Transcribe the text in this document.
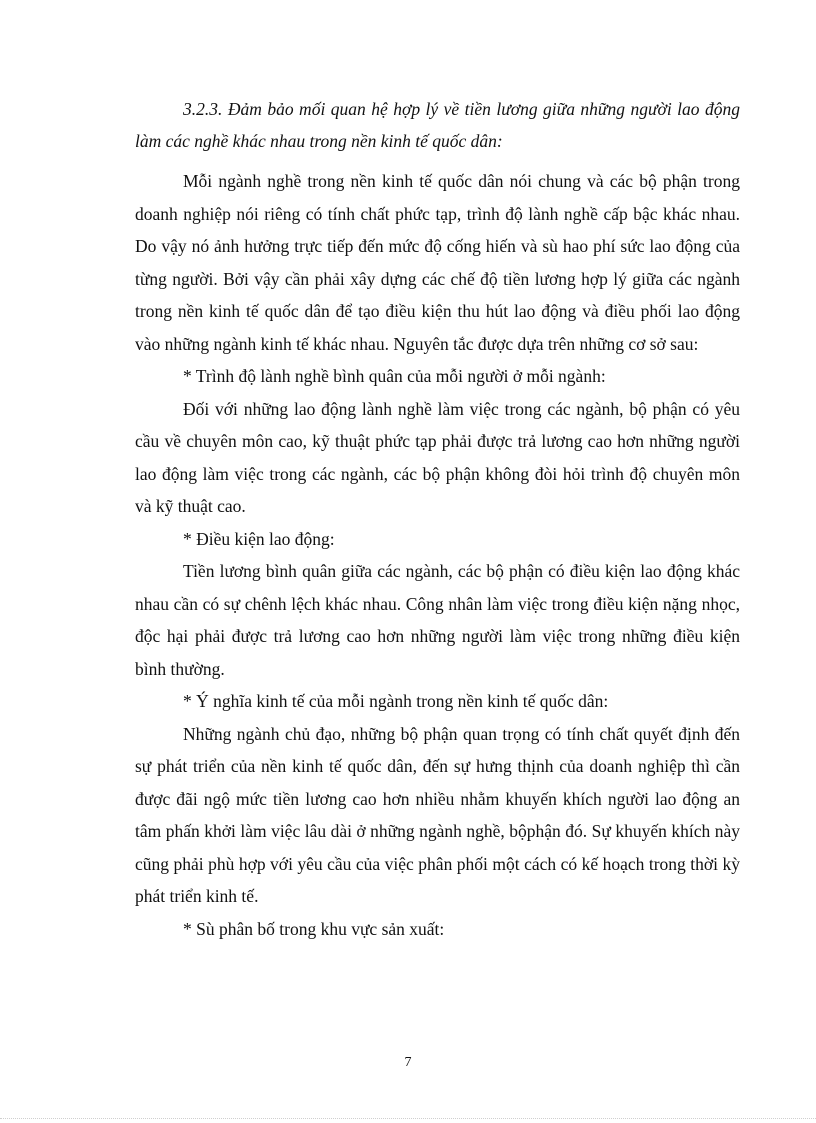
3.2.3. Đảm bảo mối quan hệ hợp lý về tiền lương giữa những người lao động làm các nghề khác nhau trong nền kinh tế quốc dân:

Mỗi ngành nghề trong nền kinh tế quốc dân nói chung và các bộ phận trong doanh nghiệp nói riêng có tính chất phức tạp, trình độ lành nghề cấp bậc khác nhau. Do vậy nó ảnh hưởng trực tiếp đến mức độ cống hiến và sù hao phí sức lao động của từng người. Bởi vậy cần phải xây dựng các chế độ tiền lương hợp lý giữa các ngành trong nền kinh tế quốc dân để tạo điều kiện thu hút lao động và điều phối lao động vào những ngành kinh tế khác nhau. Nguyên tắc được dựa trên những cơ sở sau:

* Trình độ lành nghề bình quân của mỗi người ở mỗi ngành:

Đối với những lao động lành nghề làm việc trong các ngành, bộ phận có yêu cầu về chuyên môn cao, kỹ thuật phức tạp phải được trả lương cao hơn những người lao động làm việc trong các ngành, các bộ phận không đòi hỏi trình độ chuyên môn và kỹ thuật cao.

* Điều kiện lao động:

Tiền lương bình quân giữa các ngành, các bộ phận có điều kiện lao động khác nhau cần có sự chênh lệch khác nhau. Công nhân làm việc trong điều kiện nặng nhọc, độc hại phải được trả lương cao hơn những người làm việc trong những điều kiện bình thường.

* Ý nghĩa kinh tế của mỗi ngành trong nền kinh tế quốc dân:

Những ngành chủ đạo, những bộ phận quan trọng có tính chất quyết định đến sự phát triển của nền kinh tế quốc dân, đến sự hưng thịnh của doanh nghiệp thì cần được đãi ngộ mức tiền lương cao hơn nhiều nhằm khuyến khích người lao động an tâm phấn khởi làm việc lâu dài ở những ngành nghề, bộphận đó. Sự khuyến khích này cũng phải phù hợp với yêu cầu của việc phân phối một cách có kế hoạch trong thời kỳ phát triển kinh tế.

* Sù phân bố trong khu vực sản xuất:

7
